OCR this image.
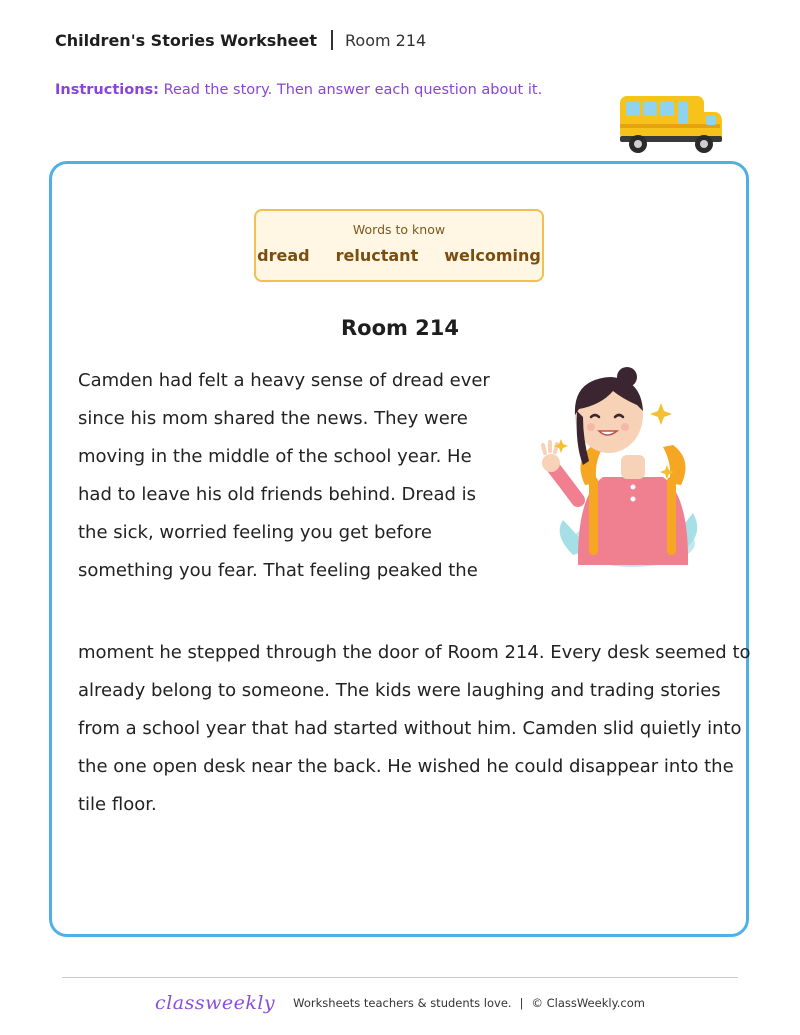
Children's Stories Worksheet Room 214
Instructions: Read the story. Then answer each question about it.
Words to know
dread reluctant welcoming
Room 214
Camden had felt a heavy sense of dread ever
since his mom shared the news. They were
moving in the middle of the school year. He
had to leave his old friends behind. Dread is
the sick, worried feeling you get before
something you fear. That feeling peaked the
moment he stepped through the door of Room 214. Every desk seemed to
already belong to someone. The kids were laughing and trading stories
from a school year that had started without him. Camden slid quietly into
the one open desk near the back. He wished he could disappear into the
tile floor.
classweekly Worksheets teachers & students love. | © ClassWeekly.com
